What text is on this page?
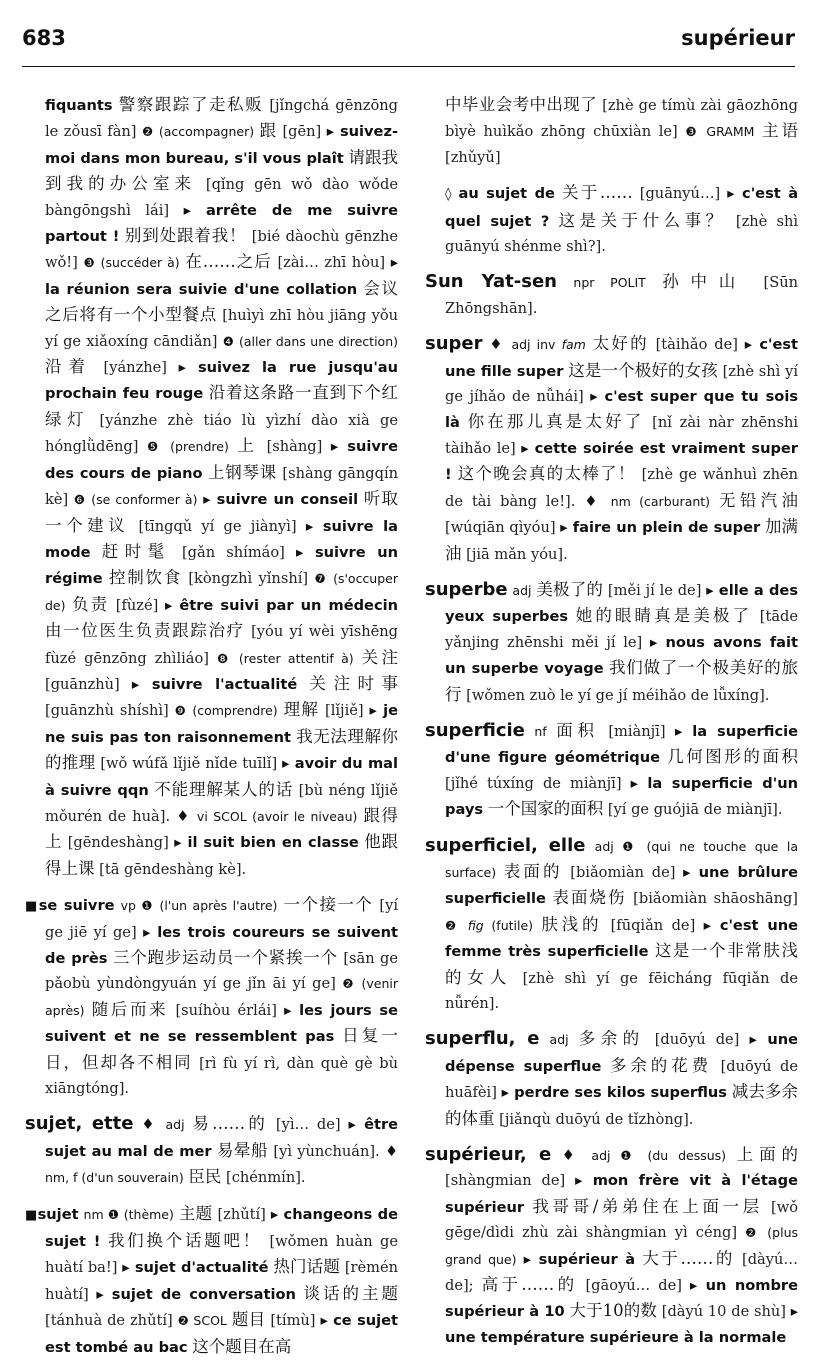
683	supérieur

fiquants 警察跟踪了走私贩 [jǐngchá gēnzōng le zǒusī fàn] ❷ (accompagner) 跟 [gēn] ▸ suivez-moi dans mon bureau, s'il vous plaît 请跟我到我的办公室来 [qǐng gēn wǒ dào wǒde bàngōngshì lái] ▸ arrête de me suivre partout ! 别到处跟着我！ [bié dàochù gēnzhe wǒ!] ❸ (succéder à) 在……之后 [zài… zhī hòu] ▸ la réunion sera suivie d'une collation 会议之后将有一个小型餐点 [huìyì zhī hòu jiāng yǒu yí ge xiǎoxíng cāndiǎn] ❹ (aller dans une direction) 沿着 [yánzhe] ▸ suivez la rue jusqu'au prochain feu rouge 沿着这条路一直到下个红绿灯 [yánzhe zhè tiáo lù yìzhí dào xià ge hónglǜdēng] ❺ (prendre) 上 [shàng] ▸ suivre des cours de piano 上钢琴课 [shàng gāngqín kè] ❻ (se conformer à) ▸ suivre un conseil 听取一个建议 [tīngqǔ yí ge jiànyì] ▸ suivre la mode 赶时髦 [gǎn shímáo] ▸ suivre un régime 控制饮食 [kòngzhì yǐnshí] ❼ (s'occuper de) 负责 [fùzé] ▸ être suivi par un médecin 由一位医生负责跟踪治疗 [yóu yí wèi yīshēng fùzé gēnzōng zhìliáo] ❽ (rester attentif à) 关注 [guānzhù] ▸ suivre l'actualité 关注时事 [guānzhù shíshì] ❾ (comprendre) 理解 [lǐjiě] ▸ je ne suis pas ton raisonnement 我无法理解你的推理 [wǒ wúfǎ lǐjiě nǐde tuīlǐ] ▸ avoir du mal à suivre qqn 不能理解某人的话 [bù néng lǐjiě mǒurén de huà]. ♦ vi SCOL (avoir le niveau) 跟得上 [gēndeshàng] ▸ il suit bien en classe 他跟得上课 [tā gēndeshàng kè].

■se suivre vp ❶ (l'un après l'autre) 一个接一个 [yí ge jiē yí ge] ▸ les trois coureurs se suivent de près 三个跑步运动员一个紧挨一个 [sān ge pǎobù yùndòngyuán yí ge jǐn āi yí ge] ❷ (venir après) 随后而来 [suíhòu érlái] ▸ les jours se suivent et ne se ressemblent pas 日复一日，但却各不相同 [rì fù yí rì, dàn què gè bù xiāngtóng].

sujet, ette ♦ adj 易……的 [yì… de] ▸ être sujet au mal de mer 易晕船 [yì yùnchuán]. ♦ nm, f (d'un souverain) 臣民 [chénmín].

■sujet nm ❶ (thème) 主题 [zhǔtí] ▸ changeons de sujet ! 我们换个话题吧！ [wǒmen huàn ge huàtí ba!] ▸ sujet d'actualité 热门话题 [rèmén huàtí] ▸ sujet de conversation 谈话的主题 [tánhuà de zhǔtí] ❷ SCOL 题目 [tímù] ▸ ce sujet est tombé au bac 这个题目在高

中毕业会考中出现了 [zhè ge tímù zài gāozhōng bìyè huìkǎo zhōng chūxiàn le] ❸ GRAMM 主语 [zhǔyǔ]

◊ au sujet de 关于…… [guānyú…] ▸ c'est à quel sujet ? 这是关于什么事？ [zhè shì guānyú shénme shì?].

Sun Yat-sen npr POLIT 孙中山 [Sūn Zhōngshān].

super ♦ adj inv fam 太好的 [tàihǎo de] ▸ c'est une fille super 这是一个极好的女孩 [zhè shì yí ge jíhǎo de nǚhái] ▸ c'est super que tu sois là 你在那儿真是太好了 [nǐ zài nàr zhēnshi tàihǎo le] ▸ cette soirée est vraiment super ! 这个晚会真的太棒了！ [zhè ge wǎnhuì zhēn de tài bàng le!]. ♦ nm (carburant) 无铅汽油 [wúqiān qìyóu] ▸ faire un plein de super 加满油 [jiā mǎn yóu].

superbe adj 美极了的 [měi jí le de] ▸ elle a des yeux superbes 她的眼睛真是美极了 [tāde yǎnjing zhēnshi měi jí le] ▸ nous avons fait un superbe voyage 我们做了一个极美好的旅行 [wǒmen zuò le yí ge jí méihǎo de lǚxíng].

superficie nf 面积 [miànjī] ▸ la superficie d'une figure géométrique 几何图形的面积 [jǐhé túxíng de miànjī] ▸ la superficie d'un pays 一个国家的面积 [yí ge guójiā de miànjī].

superficiel, elle adj ❶ (qui ne touche que la surface) 表面的 [biǎomiàn de] ▸ une brûlure superficielle 表面烧伤 [biǎomiàn shāoshāng] ❷ fig (futile) 肤浅的 [fūqiǎn de] ▸ c'est une femme très superficielle 这是一个非常肤浅的女人 [zhè shì yí ge fēicháng fūqiǎn de nǚrén].

superflu, e adj 多余的 [duōyú de] ▸ une dépense superflue 多余的花费 [duōyú de huāfèi] ▸ perdre ses kilos superflus 减去多余的体重 [jiǎnqù duōyú de tǐzhòng].

supérieur, e ♦ adj ❶ (du dessus) 上面的 [shàngmian de] ▸ mon frère vit à l'étage supérieur 我哥哥/弟弟住在上面一层 [wǒ gēge/dìdi zhù zài shàngmian yì céng] ❷ (plus grand que) ▸ supérieur à 大于……的 [dàyú… de]; 高于……的 [gāoyú… de] ▸ un nombre supérieur à 10 大于10的数 [dàyú 10 de shù] ▸ une température supérieure à la normale
